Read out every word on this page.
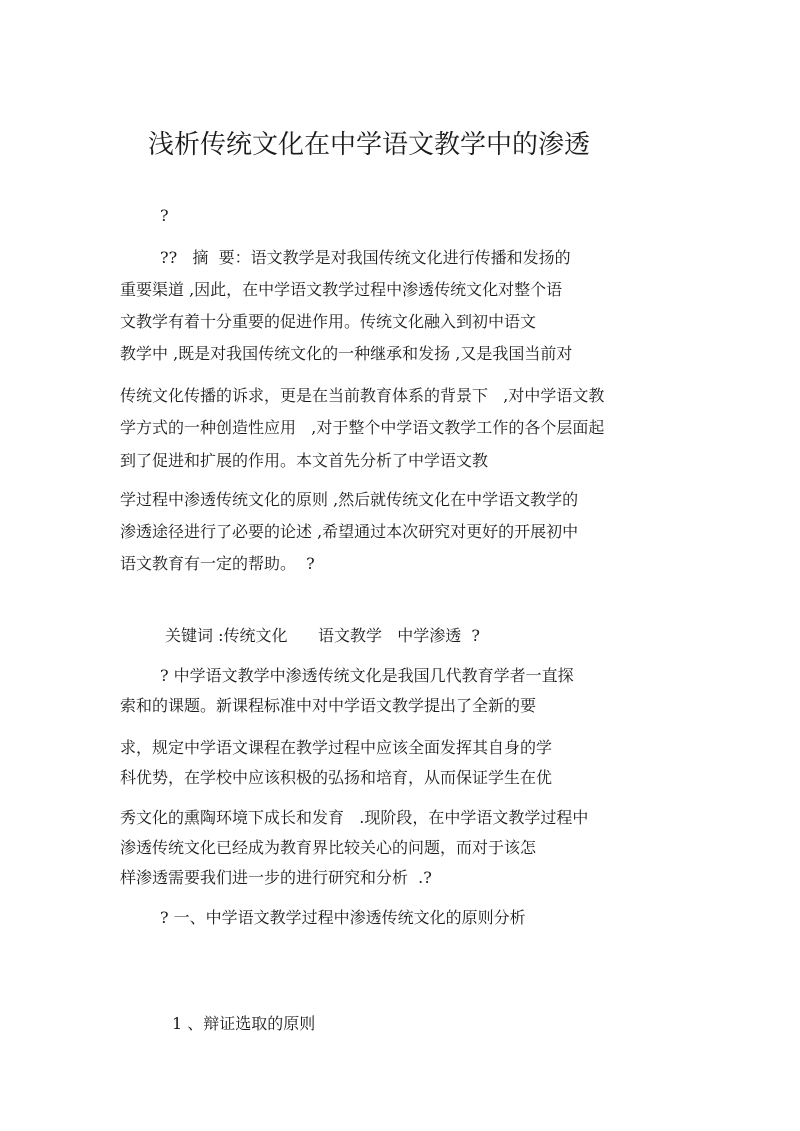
浅析传统文化在中学语文教学中的渗透
?
??   摘  要：语文教学是对我国传统文化进行传播和发扬的
重要渠道 ,因此，在中学语文教学过程中渗透传统文化对整个语
文教学有着十分重要的促进作用。传统文化融入到初中语文
教学中 ,既是对我国传统文化的一种继承和发扬 ,又是我国当前对
传统文化传播的诉求，更是在当前教育体系的背景下   ,对中学语文教
学方式的一种创造性应用   ,对于整个中学语文教学工作的各个层面起
到了促进和扩展的作用。本文首先分析了中学语文教
学过程中渗透传统文化的原则 ,然后就传统文化在中学语文教学的
渗透途径进行了必要的论述 ,希望通过本次研究对更好的开展初中
语文教育有一定的帮助。  ?
关键词 :传统文化      语文教学   中学渗透  ?
? 中学语文教学中渗透传统文化是我国几代教育学者一直探
索和的课题。新课程标准中对中学语文教学提出了全新的要
求，规定中学语文课程在教学过程中应该全面发挥其自身的学
科优势，在学校中应该积极的弘扬和培育，从而保证学生在优
秀文化的熏陶环境下成长和发育   .现阶段，在中学语文教学过程中
渗透传统文化已经成为教育界比较关心的问题，而对于该怎
样渗透需要我们进一步的进行研究和分析  .?
? 一、中学语文教学过程中渗透传统文化的原则分析
1 、辩证选取的原则
